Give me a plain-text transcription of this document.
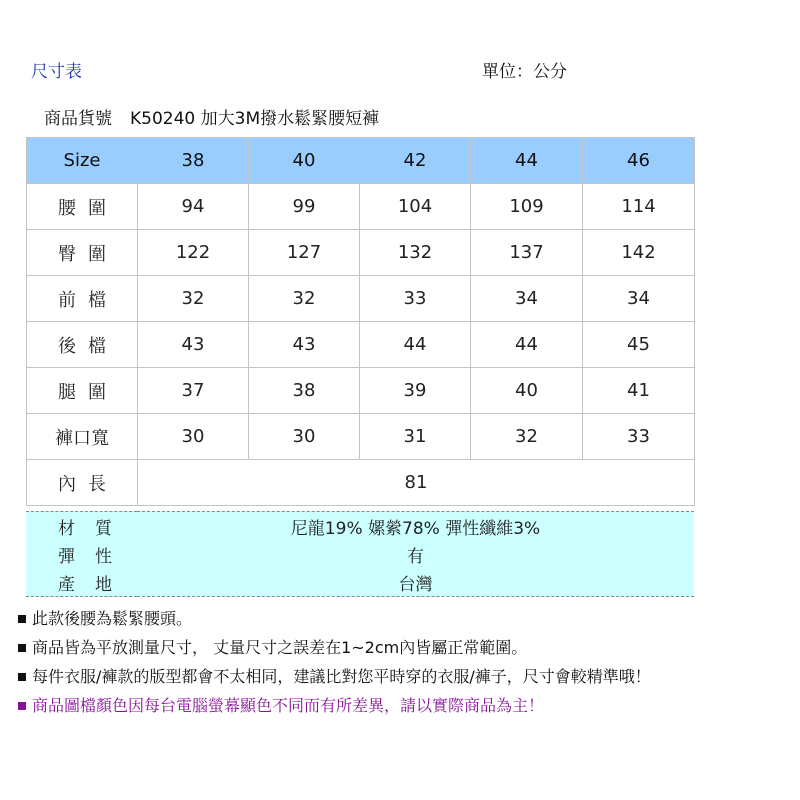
尺寸表	單位：公分
商品貨號 K50240 加大3M撥水鬆緊腰短褲
Size	38	40	42	44	46
腰圍	94	99	104	109	114
臀圍	122	127	132	137	142
前檔	32	32	33	34	34
後檔	43	43	44	44	45
腿圍	37	38	39	40	41
褲口寬	30	30	31	32	33
內長	81				
材質	尼龍19% 嫘縈78% 彈性纖維3%
彈性	有
產地	台灣
此款後腰為鬆緊腰頭。
商品皆為平放測量尺寸， 丈量尺寸之誤差在1~2cm內皆屬正常範圍。
每件衣服/褲款的版型都會不太相同，建議比對您平時穿的衣服/褲子，尺寸會較精準哦！
商品圖檔顏色因每台電腦螢幕顯色不同而有所差異，請以實際商品為主！
